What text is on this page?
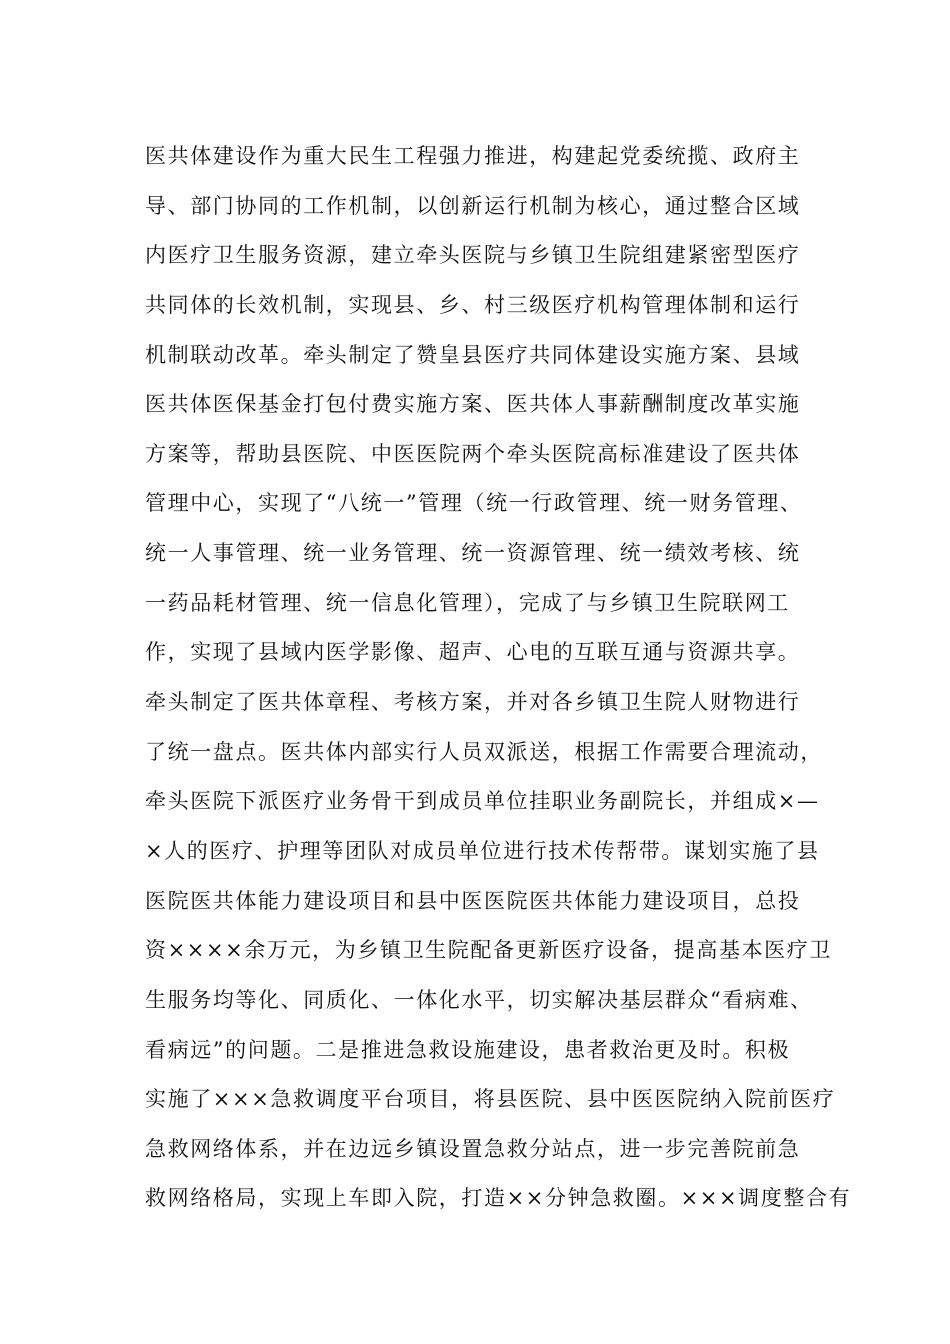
医共体建设作为重大民生工程强力推进，构建起党委统揽、政府主
导、部门协同的工作机制，以创新运行机制为核心，通过整合区域
内医疗卫生服务资源，建立牵头医院与乡镇卫生院组建紧密型医疗
共同体的长效机制，实现县、乡、村三级医疗机构管理体制和运行
机制联动改革。牵头制定了赞皇县医疗共同体建设实施方案、县域
医共体医保基金打包付费实施方案、医共体人事薪酬制度改革实施
方案等，帮助县医院、中医医院两个牵头医院高标准建设了医共体
管理中心，实现了“八统一”管理（统一行政管理、统一财务管理、
统一人事管理、统一业务管理、统一资源管理、统一绩效考核、统
一药品耗材管理、统一信息化管理），完成了与乡镇卫生院联网工
作，实现了县域内医学影像、超声、心电的互联互通与资源共享。
牵头制定了医共体章程、考核方案，并对各乡镇卫生院人财物进行
了统一盘点。医共体内部实行人员双派送，根据工作需要合理流动，
牵头医院下派医疗业务骨干到成员单位挂职业务副院长，并组成×—
×人的医疗、护理等团队对成员单位进行技术传帮带。谋划实施了县
医院医共体能力建设项目和县中医医院医共体能力建设项目，总投
资××××余万元，为乡镇卫生院配备更新医疗设备，提高基本医疗卫
生服务均等化、同质化、一体化水平，切实解决基层群众“看病难、
看病远”的问题。二是推进急救设施建设，患者救治更及时。积极
实施了×××急救调度平台项目，将县医院、县中医医院纳入院前医疗
急救网络体系，并在边远乡镇设置急救分站点，进一步完善院前急
救网络格局，实现上车即入院，打造××分钟急救圈。×××调度整合有
